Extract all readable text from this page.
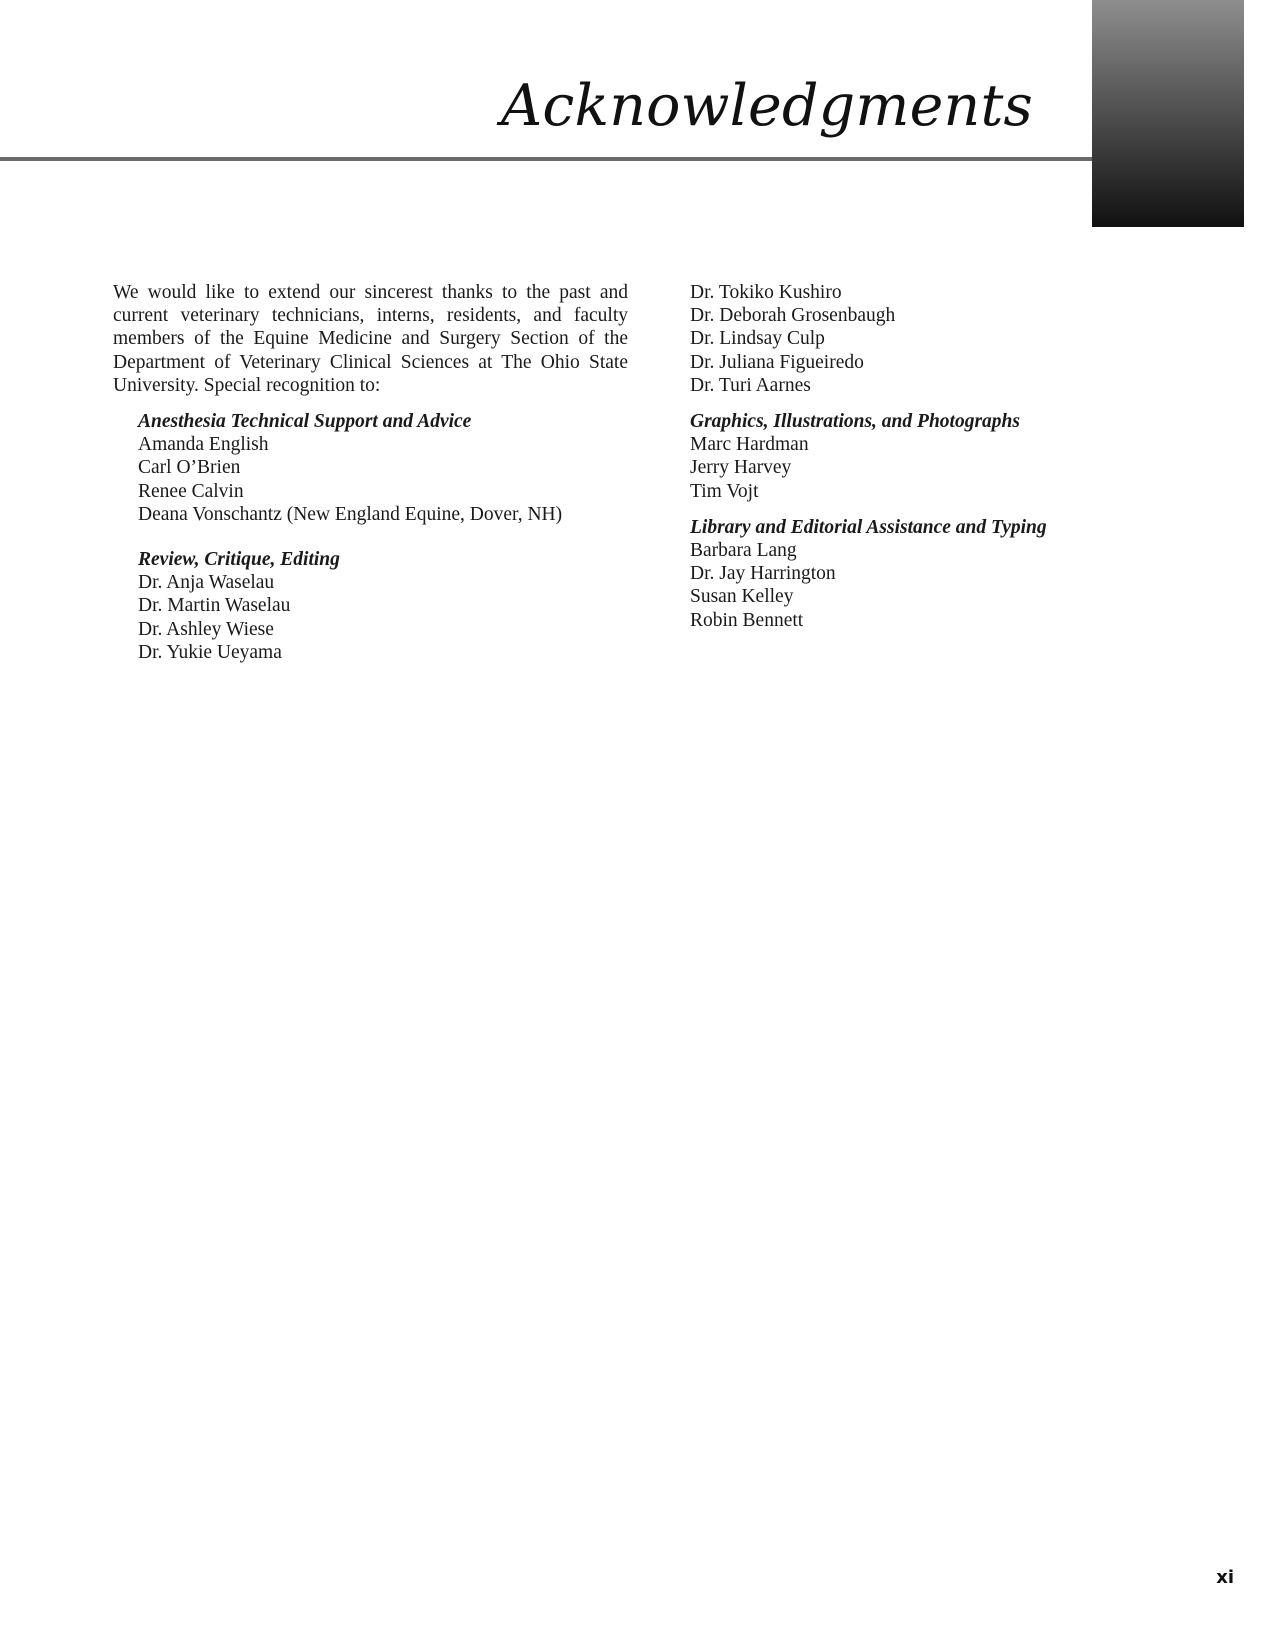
Acknowledgments

We would like to extend our sincerest thanks to the past and current veterinary technicians, interns, residents, and faculty members of the Equine Medicine and Surgery Section of the Department of Veterinary Clinical Sciences at The Ohio State University. Special recognition to:

Anesthesia Technical Support and Advice
Amanda English
Carl O’Brien
Renee Calvin
Deana Vonschantz (New England Equine, Dover, NH)
Review, Critique, Editing
Dr. Anja Waselau
Dr. Martin Waselau
Dr. Ashley Wiese
Dr. Yukie Ueyama
Dr. Tokiko Kushiro
Dr. Deborah Grosenbaugh
Dr. Lindsay Culp
Dr. Juliana Figueiredo
Dr. Turi Aarnes
Graphics, Illustrations, and Photographs
Marc Hardman
Jerry Harvey
Tim Vojt
Library and Editorial Assistance and Typing
Barbara Lang
Dr. Jay Harrington
Susan Kelley
Robin Bennett
xi
